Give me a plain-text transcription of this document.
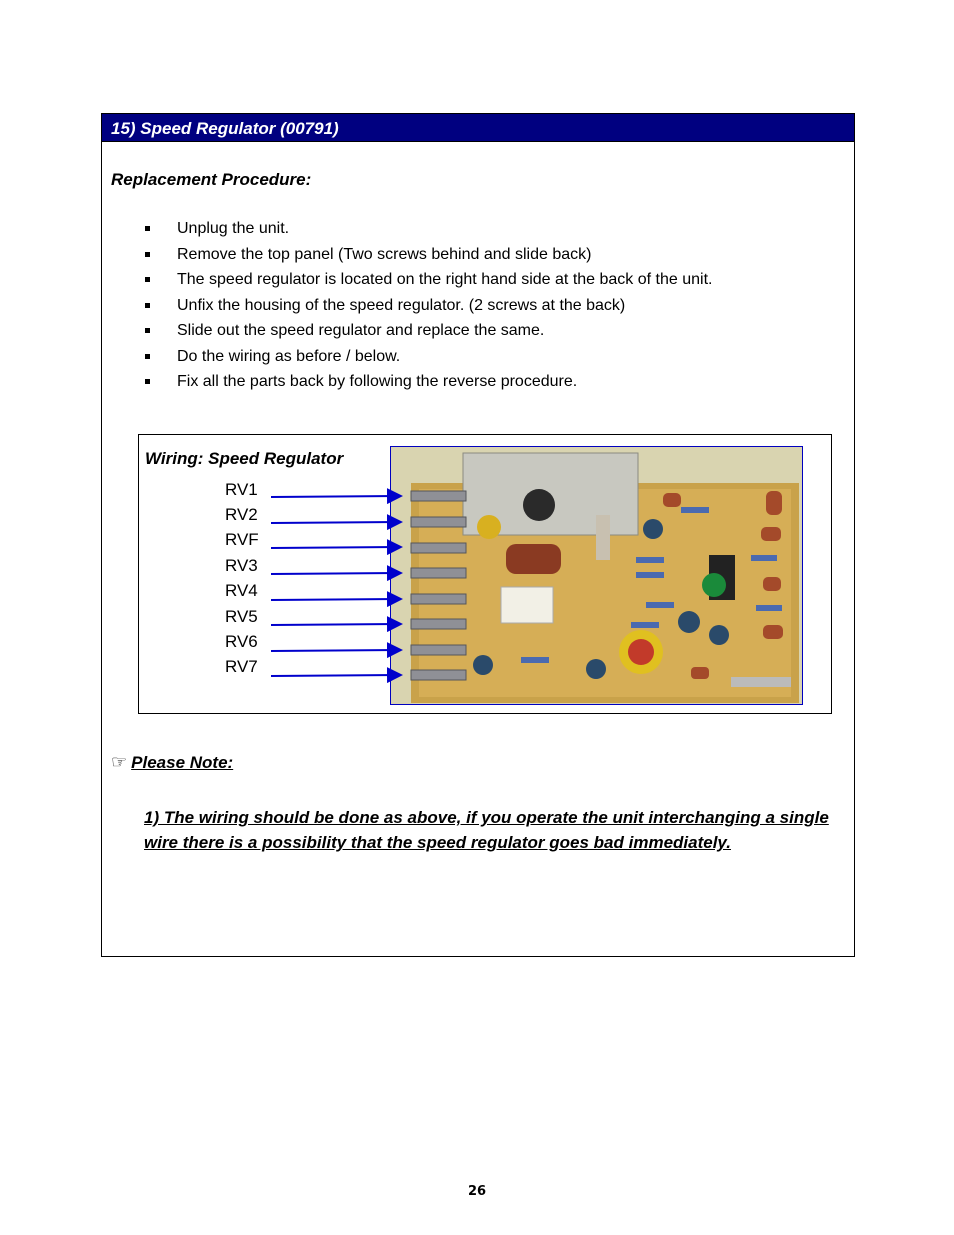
15) Speed Regulator (00791)
Replacement Procedure:
Unplug the unit.
Remove the top panel (Two screws behind and slide back)
The speed regulator is located on the right hand side at the back of the unit.
Unfix the housing of the speed regulator. (2 screws at the back)
Slide out the speed regulator and replace the same.
Do the wiring as before / below.
Fix all the parts back by following the reverse procedure.
Wiring: Speed Regulator
RV1
RV2
RVF
RV3
RV4
RV5
RV6
RV7
☞ Please Note:
1) The wiring should be done as above, if you operate the unit interchanging a single wire there is a possibility that the speed regulator goes bad immediately.
26
